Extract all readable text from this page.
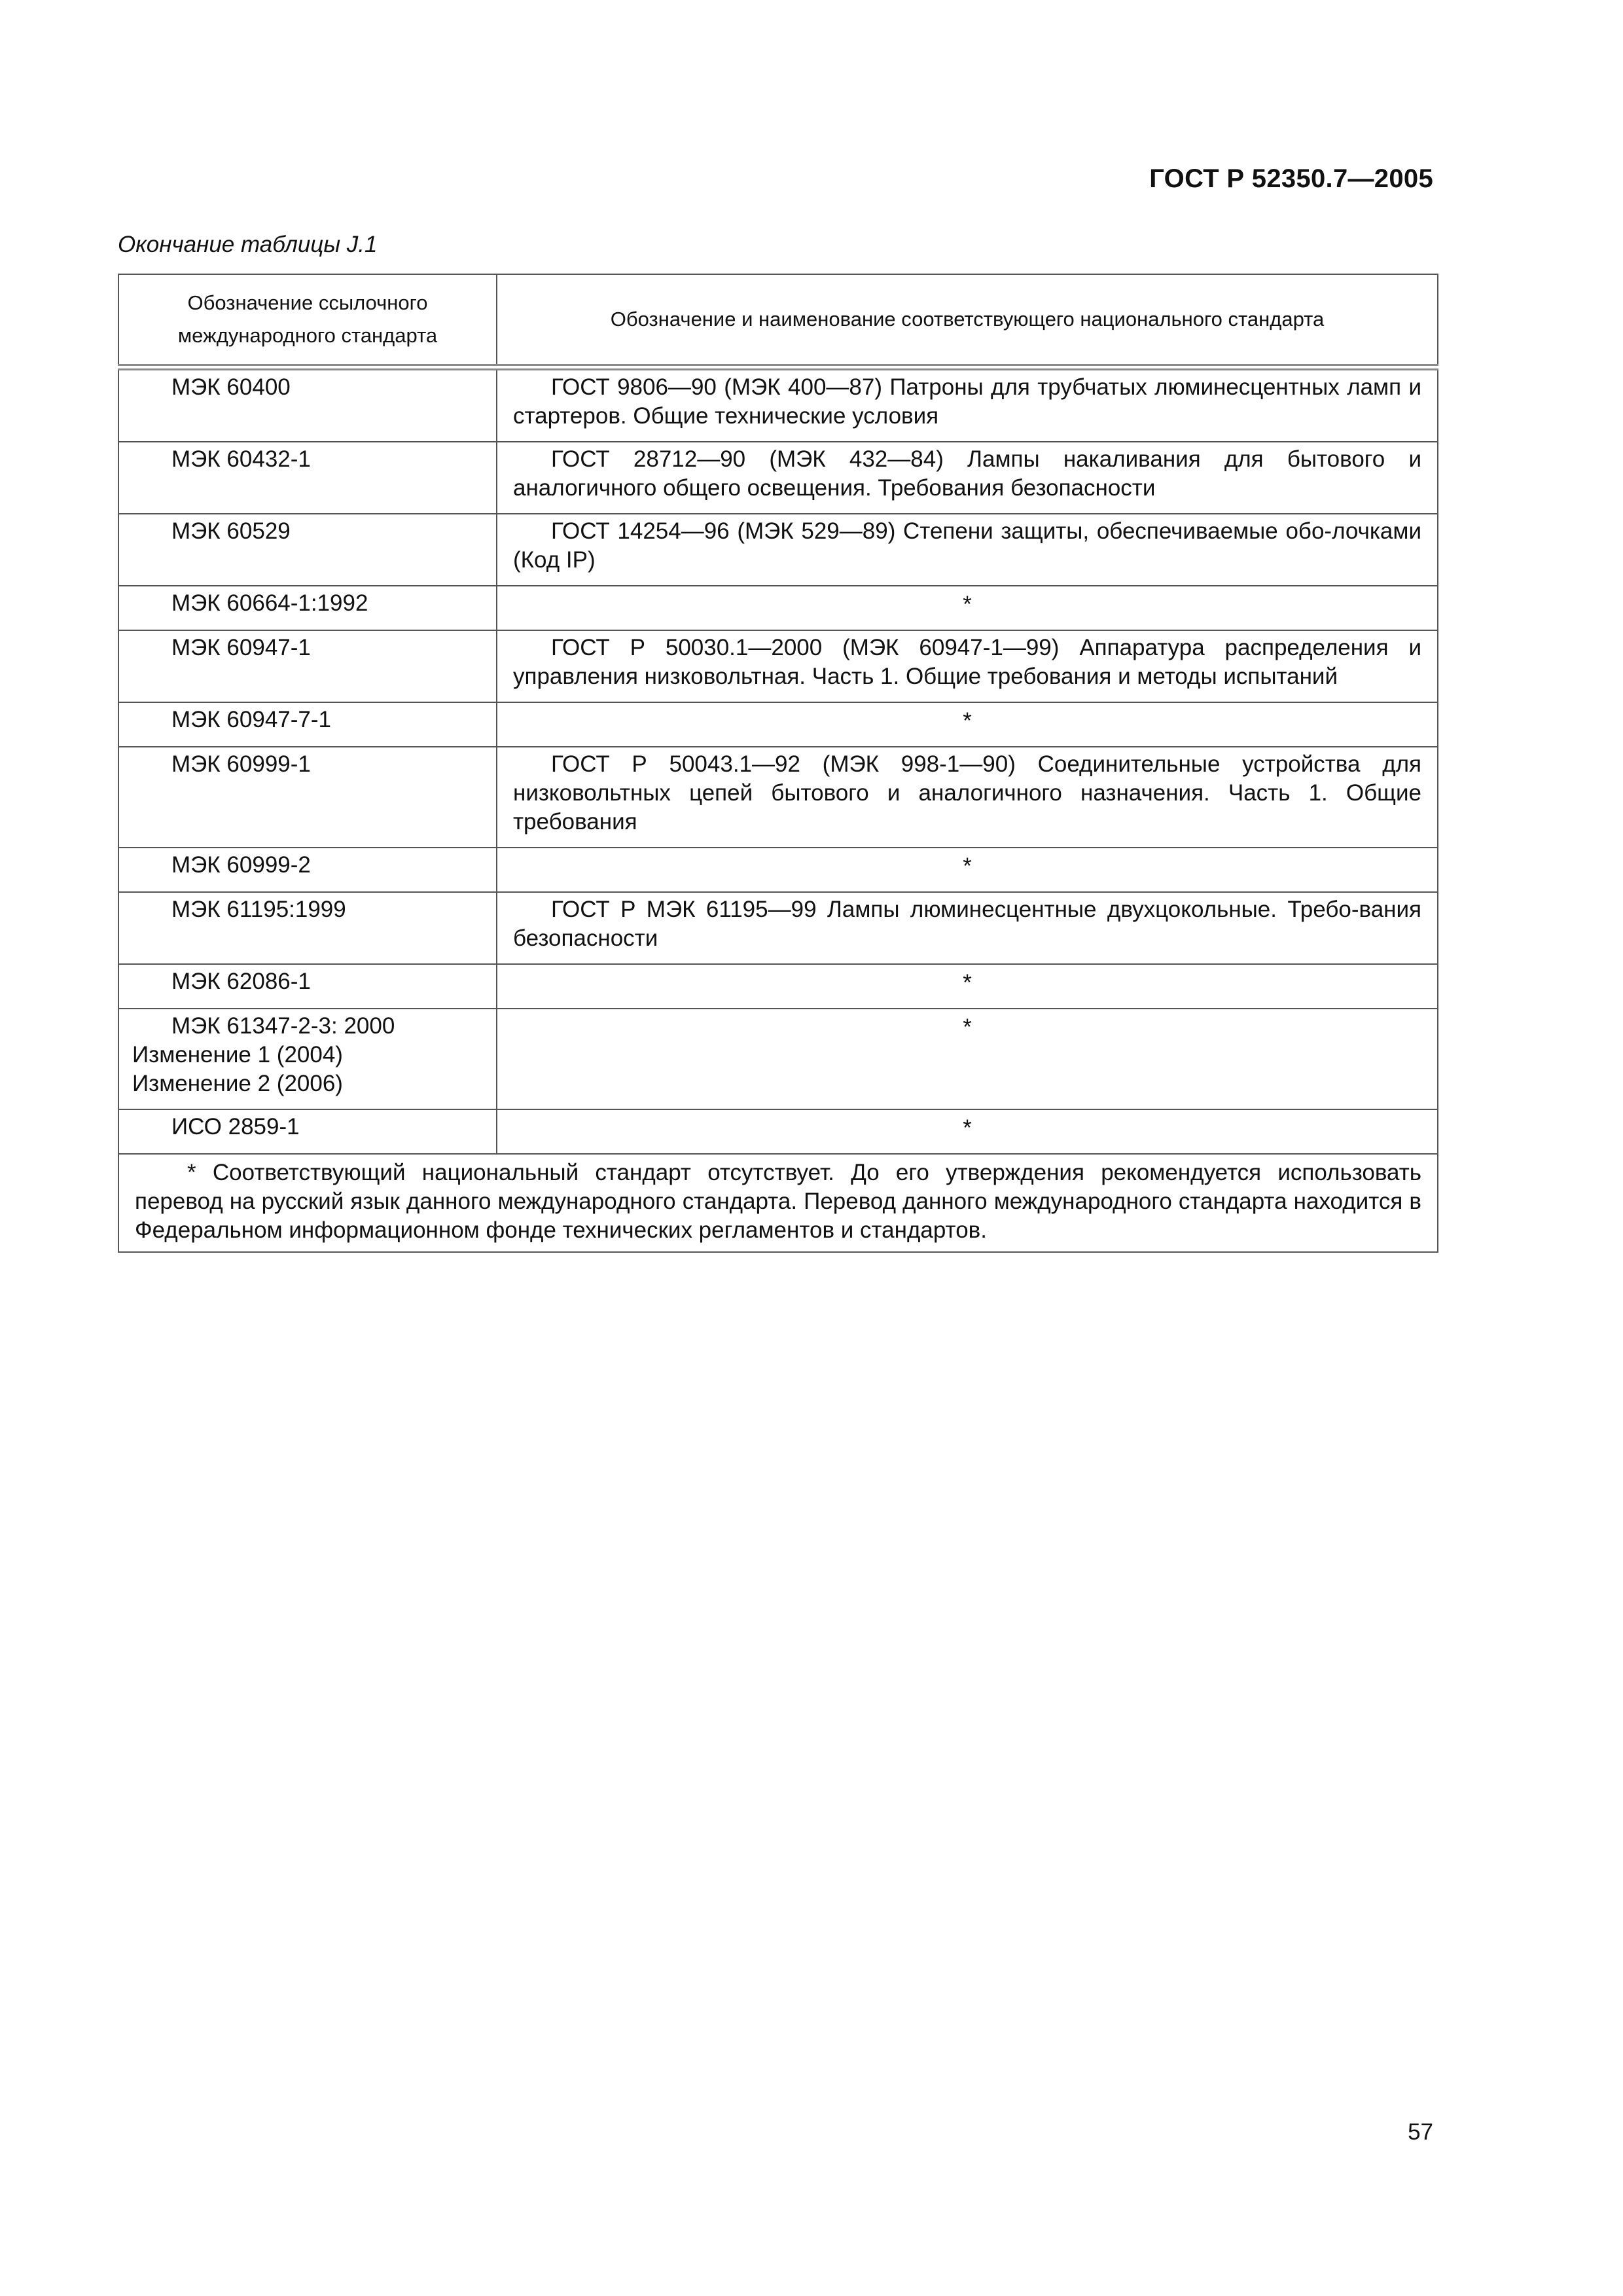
ГОСТ Р 52350.7—2005
Окончание таблицы J.1
Обозначение ссылочного международного стандарта	Обозначение и наименование соответствующего национального стандарта
МЭК 60400	ГОСТ 9806—90 (МЭК 400—87) Патроны для трубчатых люминесцентных ламп и стартеров. Общие технические условия
МЭК 60432-1	ГОСТ 28712—90 (МЭК 432—84) Лампы накаливания для бытового и аналогичного общего освещения. Требования безопасности
МЭК 60529	ГОСТ 14254—96 (МЭК 529—89) Степени защиты, обеспечиваемые обо-лочками (Код IP)
МЭК 60664-1:1992	*
МЭК 60947-1	ГОСТ Р 50030.1—2000 (МЭК 60947-1—99) Аппаратура распределения и управления низковольтная. Часть 1. Общие требования и методы испытаний
МЭК 60947-7-1	*
МЭК 60999-1	ГОСТ Р 50043.1—92 (МЭК 998-1—90) Соединительные устройства для низковольтных цепей бытового и аналогичного назначения. Часть 1. Общие требования
МЭК 60999-2	*
МЭК 61195:1999	ГОСТ Р МЭК 61195—99 Лампы люминесцентные двухцокольные. Требо-вания безопасности
МЭК 62086-1	*
МЭК 61347-2-3: 2000
Изменение 1 (2004)
Изменение 2 (2006)	*
ИСО 2859-1	*
* Соответствующий национальный стандарт отсутствует. До его утверждения рекомендуется использовать перевод на русский язык данного международного стандарта. Перевод данного международного стандарта находится в Федеральном информационном фонде технических регламентов и стандартов.	
57
